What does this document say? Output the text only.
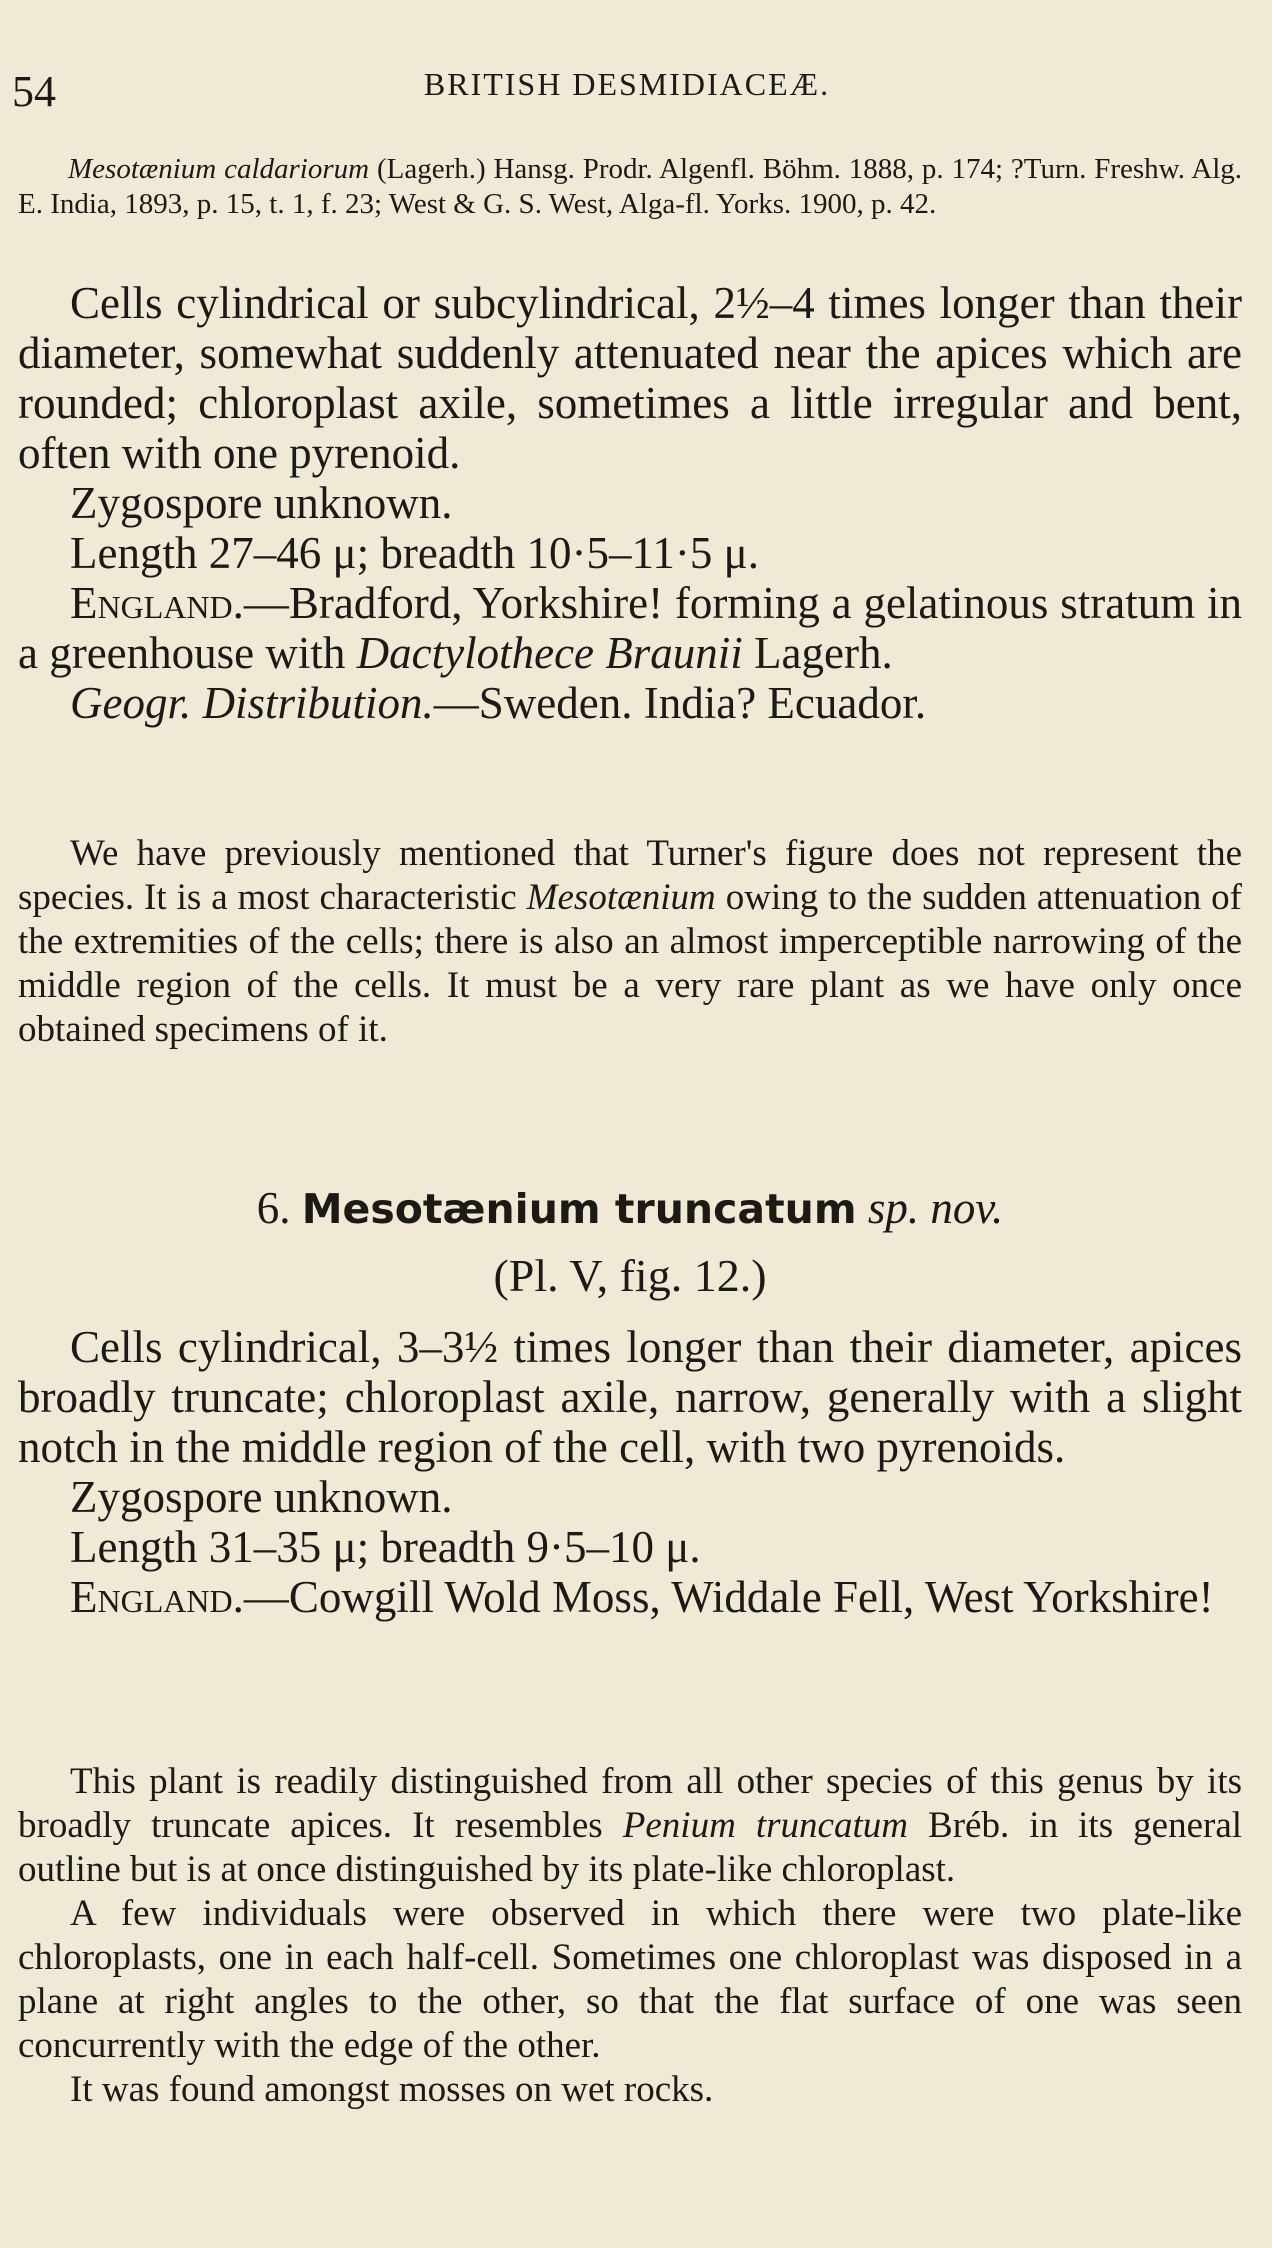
54	BRITISH DESMIDIACEÆ.

Mesotænium caldariorum (Lagerh.) Hansg. Prodr. Algenfl. Böhm. 1888, p. 174; ?Turn. Freshw. Alg. E. India, 1893, p. 15, t. 1, f. 23; West & G. S. West, Alga-fl. Yorks. 1900, p. 42.

Cells cylindrical or subcylindrical, 2½–4 times longer than their diameter, somewhat suddenly attenuated near the apices which are rounded; chloroplast axile, sometimes a little irregular and bent, often with one pyrenoid.

Zygospore unknown.

Length 27–46 μ; breadth 10·5–11·5 μ.

England.—Bradford, Yorkshire! forming a gelatinous stratum in a greenhouse with Dactylothece Braunii Lagerh.

Geogr. Distribution.—Sweden. India? Ecuador.

We have previously mentioned that Turner's figure does not represent the species. It is a most characteristic Mesotænium owing to the sudden attenuation of the extremities of the cells; there is also an almost imperceptible narrowing of the middle region of the cells. It must be a very rare plant as we have only once obtained specimens of it.

6. Mesotænium truncatum sp. nov.
(Pl. V, fig. 12.)

Cells cylindrical, 3–3½ times longer than their diameter, apices broadly truncate; chloroplast axile, narrow, generally with a slight notch in the middle region of the cell, with two pyrenoids.

Zygospore unknown.

Length 31–35 μ; breadth 9·5–10 μ.

England.—Cowgill Wold Moss, Widdale Fell, West Yorkshire!

This plant is readily distinguished from all other species of this genus by its broadly truncate apices. It resembles Penium truncatum Bréb. in its general outline but is at once distinguished by its plate-like chloroplast.

A few individuals were observed in which there were two plate-like chloroplasts, one in each half-cell. Sometimes one chloroplast was disposed in a plane at right angles to the other, so that the flat surface of one was seen concurrently with the edge of the other.

It was found amongst mosses on wet rocks.
